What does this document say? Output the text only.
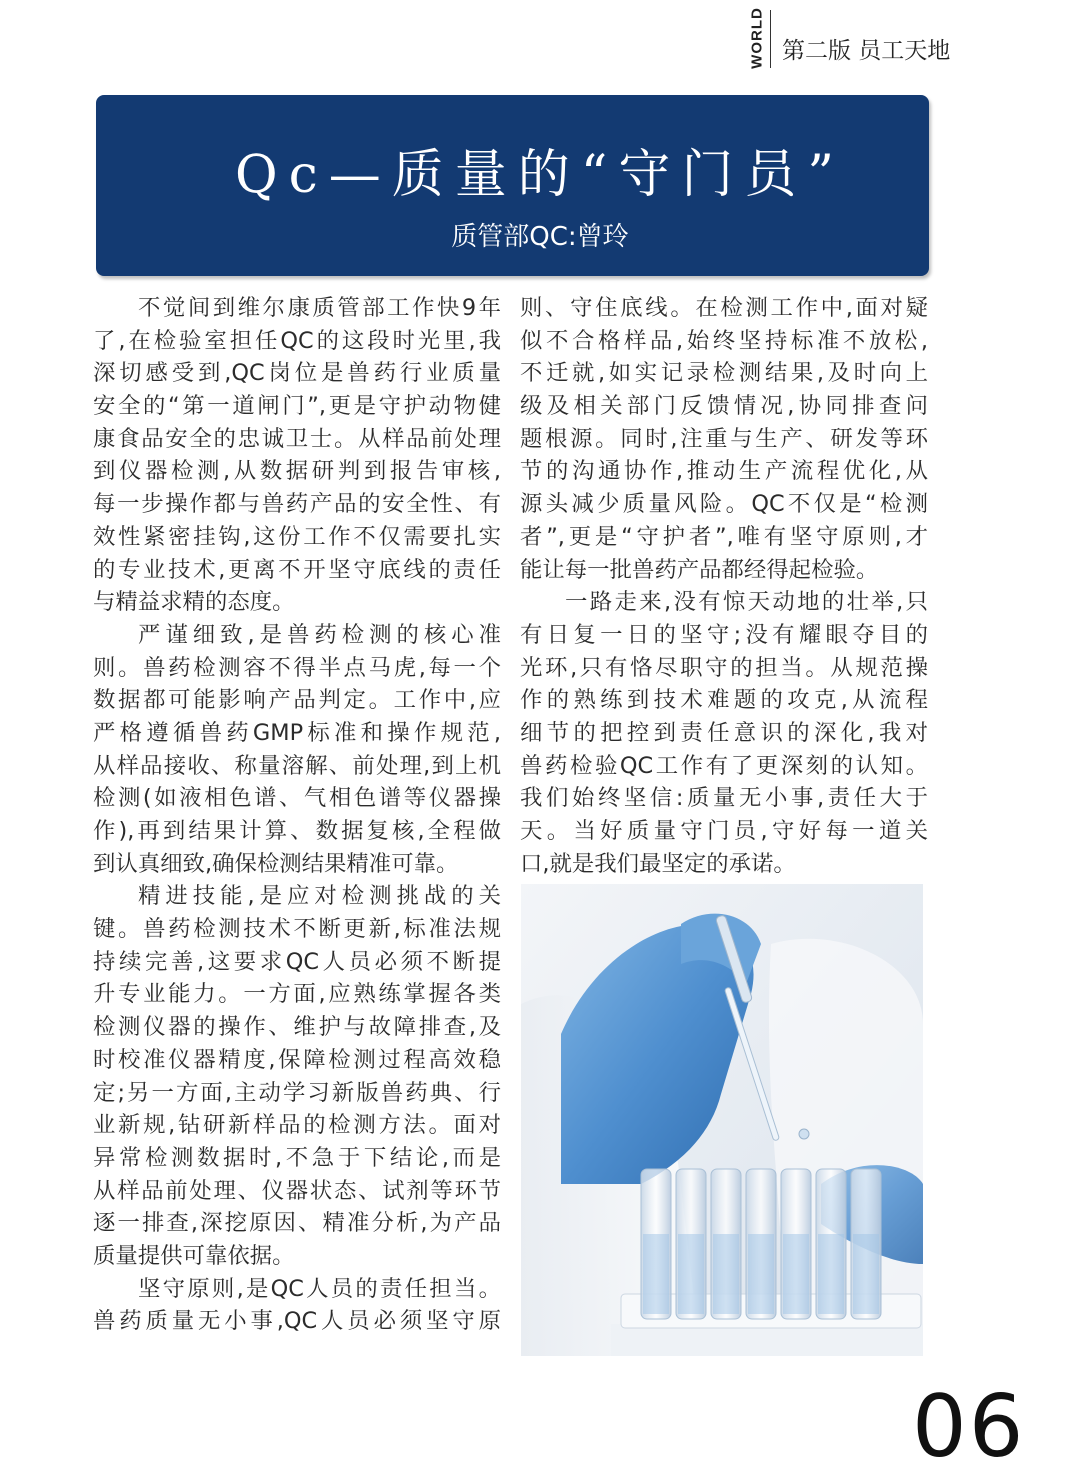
WORLD 第二版 员工天地
Qc—质量的“守门员”
质管部QC:曾玲
不觉间到维尔康质管部工作快9年
了,在检验室担任QC的这段时光里,我
深切感受到,QC岗位是兽药行业质量
安全的“第一道闸门”,更是守护动物健
康食品安全的忠诚卫士。从样品前处理
到仪器检测,从数据研判到报告审核,
每一步操作都与兽药产品的安全性、有
效性紧密挂钩,这份工作不仅需要扎实
的专业技术,更离不开坚守底线的责任
与精益求精的态度。
严谨细致,是兽药检测的核心准
则。兽药检测容不得半点马虎,每一个
数据都可能影响产品判定。工作中,应
严格遵循兽药GMP标准和操作规范,
从样品接收、称量溶解、前处理,到上机
检测(如液相色谱、气相色谱等仪器操
作),再到结果计算、数据复核,全程做
到认真细致,确保检测结果精准可靠。
精进技能,是应对检测挑战的关
键。兽药检测技术不断更新,标准法规
持续完善,这要求QC人员必须不断提
升专业能力。一方面,应熟练掌握各类
检测仪器的操作、维护与故障排查,及
时校准仪器精度,保障检测过程高效稳
定;另一方面,主动学习新版兽药典、行
业新规,钻研新样品的检测方法。面对
异常检测数据时,不急于下结论,而是
从样品前处理、仪器状态、试剂等环节
逐一排查,深挖原因、精准分析,为产品
质量提供可靠依据。
坚守原则,是QC人员的责任担当。
兽药质量无小事,QC人员必须坚守原
则、守住底线。在检测工作中,面对疑
似不合格样品,始终坚持标准不放松,
不迁就,如实记录检测结果,及时向上
级及相关部门反馈情况,协同排查问
题根源。同时,注重与生产、研发等环
节的沟通协作,推动生产流程优化,从
源头减少质量风险。QC不仅是“检测
者”,更是“守护者”,唯有坚守原则,才
能让每一批兽药产品都经得起检验。
一路走来,没有惊天动地的壮举,只
有日复一日的坚守;没有耀眼夺目的
光环,只有恪尽职守的担当。从规范操
作的熟练到技术难题的攻克,从流程
细节的把控到责任意识的深化,我对
兽药检验QC工作有了更深刻的认知。
我们始终坚信:质量无小事,责任大于
天。当好质量守门员,守好每一道关
口,就是我们最坚定的承诺。
06
